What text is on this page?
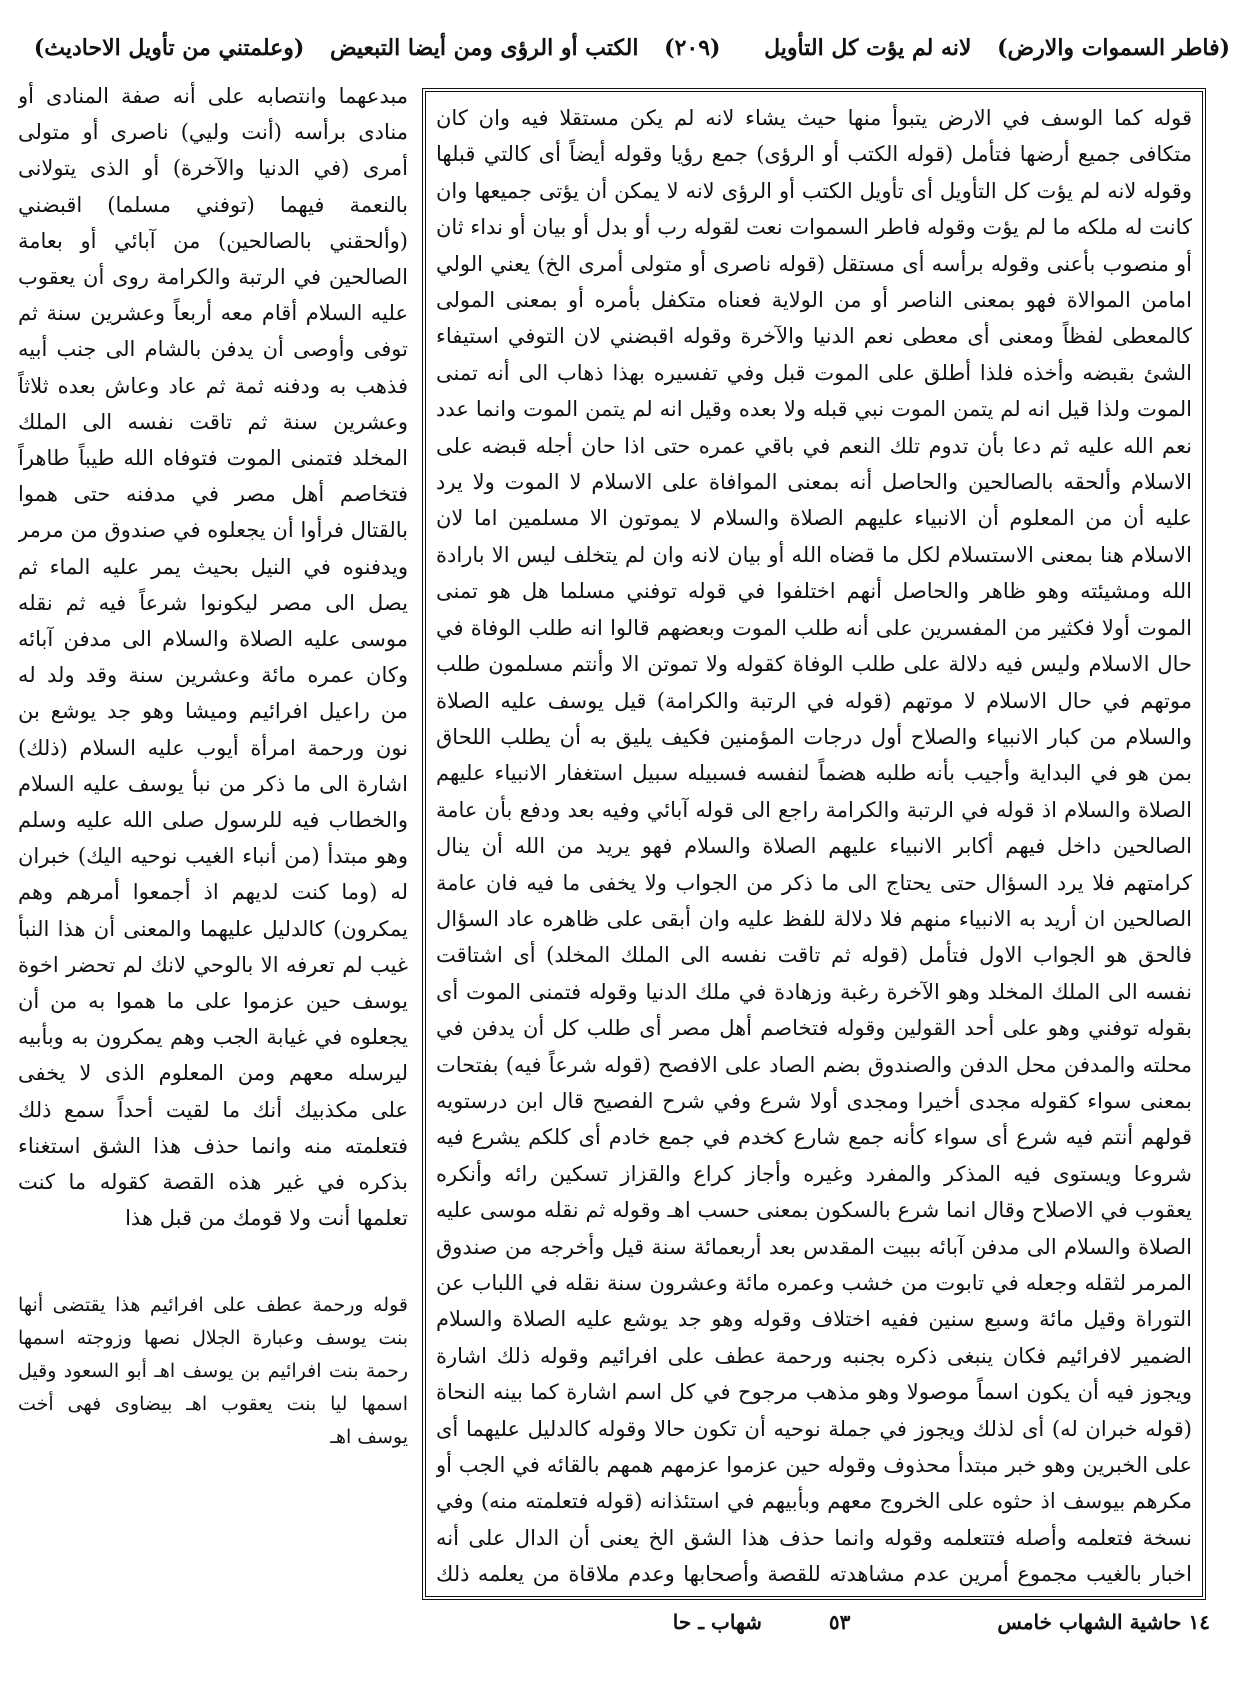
(فاطر السموات والارض) لانه لم يؤت كل التأويل (٢٠٩) الكتب أو الرؤى ومن أيضا التبعيض (وعلمتني من تأويل الاحاديث)

مبدعهما وانتصابه على أنه صفة المنادى أو منادى برأسه (أنت وليي) ناصرى أو متولى أمرى (في الدنيا والآخرة) أو الذى يتولانى بالنعمة فيهما (توفني مسلما) اقبضني (وألحقني بالصالحين) من آبائي أو بعامة الصالحين في الرتبة والكرامة روى أن يعقوب عليه السلام أقام معه أربعاً وعشرين سنة ثم توفى وأوصى أن يدفن بالشام الى جنب أبيه فذهب به ودفنه ثمة ثم عاد وعاش بعده ثلاثاً وعشرين سنة ثم تاقت نفسه الى الملك المخلد فتمنى الموت فتوفاه الله طيباً طاهراً فتخاصم أهل مصر في مدفنه حتى هموا بالقتال فرأوا أن يجعلوه في صندوق من مرمر ويدفنوه في النيل بحيث يمر عليه الماء ثم يصل الى مصر ليكونوا شرعاً فيه ثم نقله موسى عليه الصلاة والسلام الى مدفن آبائه وكان عمره مائة وعشرين سنة وقد ولد له من راعيل افرائيم وميشا وهو جد يوشع بن نون ورحمة امرأة أيوب عليه السلام (ذلك) اشارة الى ما ذكر من نبأ يوسف عليه السلام والخطاب فيه للرسول صلى الله عليه وسلم وهو مبتدأ (من أنباء الغيب نوحيه اليك) خبران له (وما كنت لديهم اذ أجمعوا أمرهم وهم يمكرون) كالدليل عليهما والمعنى أن هذا النبأ غيب لم تعرفه الا بالوحي لانك لم تحضر اخوة يوسف حين عزموا على ما هموا به من أن يجعلوه في غيابة الجب وهم يمكرون به وبأبيه ليرسله معهم ومن المعلوم الذى لا يخفى على مكذبيك أنك ما لقيت أحداً سمع ذلك فتعلمته منه وانما حذف هذا الشق استغناء بذكره في غير هذه القصة كقوله ما كنت تعلمها أنت ولا قومك من قبل هذا

قوله ورحمة عطف على افرائيم هذا يقتضى أنها بنت يوسف وعبارة الجلال نصها وزوجته اسمها رحمة بنت افرائيم بن يوسف اهـ أبو السعود وقيل اسمها ليا بنت يعقوب اهـ بيضاوى فهى أخت يوسف اهـ

قوله كما الوسف في الارض يتبوأ منها حيث يشاء لانه لم يكن مستقلا فيه وان كان متكافى جميع أرضها فتأمل (قوله الكتب أو الرؤى) جمع رؤيا وقوله أيضاً أى كالتي قبلها وقوله لانه لم يؤت كل التأويل أى تأويل الكتب أو الرؤى لانه لا يمكن أن يؤتى جميعها وان كانت له ملكه ما لم يؤت وقوله فاطر السموات نعت لقوله رب أو بدل أو بيان أو نداء ثان أو منصوب بأعنى وقوله برأسه أى مستقل (قوله ناصرى أو متولى أمرى الخ) يعني الولي امامن الموالاة فهو بمعنى الناصر أو من الولاية فعناه متكفل بأمره أو بمعنى المولى كالمعطى لفظاً ومعنى أى معطى نعم الدنيا والآخرة وقوله اقبضني لان التوفي استيفاء الشئ بقبضه وأخذه فلذا أطلق على الموت قبل وفي تفسيره بهذا ذهاب الى أنه تمنى الموت ولذا قيل انه لم يتمن الموت نبي قبله ولا بعده وقيل انه لم يتمن الموت وانما عدد نعم الله عليه ثم دعا بأن تدوم تلك النعم في باقي عمره حتى اذا حان أجله قبضه على الاسلام وألحقه بالصالحين والحاصل أنه بمعنى الموافاة على الاسلام لا الموت ولا يرد عليه أن من المعلوم أن الانبياء عليهم الصلاة والسلام لا يموتون الا مسلمين اما لان الاسلام هنا بمعنى الاستسلام لكل ما قضاه الله أو بيان لانه وان لم يتخلف ليس الا بارادة الله ومشيئته وهو ظاهر والحاصل أنهم اختلفوا في قوله توفني مسلما هل هو تمنى الموت أولا فكثير من المفسرين على أنه طلب الموت وبعضهم قالوا انه طلب الوفاة في حال الاسلام وليس فيه دلالة على طلب الوفاة كقوله ولا تموتن الا وأنتم مسلمون طلب موتهم في حال الاسلام لا موتهم (قوله في الرتبة والكرامة) قيل يوسف عليه الصلاة والسلام من كبار الانبياء والصلاح أول درجات المؤمنين فكيف يليق به أن يطلب اللحاق بمن هو في البداية وأجيب بأنه طلبه هضماً لنفسه فسبيله سبيل استغفار الانبياء عليهم الصلاة والسلام اذ قوله في الرتبة والكرامة راجع الى قوله آبائي وفيه بعد ودفع بأن عامة الصالحين داخل فيهم أكابر الانبياء عليهم الصلاة والسلام فهو يريد من الله أن ينال كرامتهم فلا يرد السؤال حتى يحتاج الى ما ذكر من الجواب ولا يخفى ما فيه فان عامة الصالحين ان أريد به الانبياء منهم فلا دلالة للفظ عليه وان أبقى على ظاهره عاد السؤال فالحق هو الجواب الاول فتأمل (قوله ثم تاقت نفسه الى الملك المخلد) أى اشتاقت نفسه الى الملك المخلد وهو الآخرة رغبة وزهادة في ملك الدنيا وقوله فتمنى الموت أى بقوله توفني وهو على أحد القولين وقوله فتخاصم أهل مصر أى طلب كل أن يدفن في محلته والمدفن محل الدفن والصندوق بضم الصاد على الافصح (قوله شرعاً فيه) بفتحات بمعنى سواء كقوله مجدى أخيرا ومجدى أولا شرع وفي شرح الفصيح قال ابن درستويه قولهم أنتم فيه شرع أى سواء كأنه جمع شارع كخدم في جمع خادم أى كلكم يشرع فيه شروعا ويستوى فيه المذكر والمفرد وغيره وأجاز كراع والقزاز تسكين رائه وأنكره يعقوب في الاصلاح وقال انما شرع بالسكون بمعنى حسب اهـ وقوله ثم نقله موسى عليه الصلاة والسلام الى مدفن آبائه ببيت المقدس بعد أربعمائة سنة قيل وأخرجه من صندوق المرمر لثقله وجعله في تابوت من خشب وعمره مائة وعشرون سنة نقله في اللباب عن التوراة وقيل مائة وسبع سنين ففيه اختلاف وقوله وهو جد يوشع عليه الصلاة والسلام الضمير لافرائيم فكان ينبغى ذكره بجنبه ورحمة عطف على افرائيم وقوله ذلك اشارة ويجوز فيه أن يكون اسماً موصولا وهو مذهب مرجوح في كل اسم اشارة كما بينه النحاة (قوله خبران له) أى لذلك ويجوز في جملة نوحيه أن تكون حالا وقوله كالدليل عليهما أى على الخبرين وهو خبر مبتدأ محذوف وقوله حين عزموا عزمهم همهم بالقائه في الجب أو مكرهم بيوسف اذ حثوه على الخروج معهم وبأبيهم في استئذانه (قوله فتعلمته منه) وفي نسخة فتعلمه وأصله فتتعلمه وقوله وانما حذف هذا الشق الخ يعنى أن الدال على أنه اخبار بالغيب مجموع أمرين عدم مشاهدته للقصة وأصحابها وعدم ملاقاة من يعلمه ذلك

١٤ حاشية الشهاب خامس ٥٣ شهاب ـ حا
